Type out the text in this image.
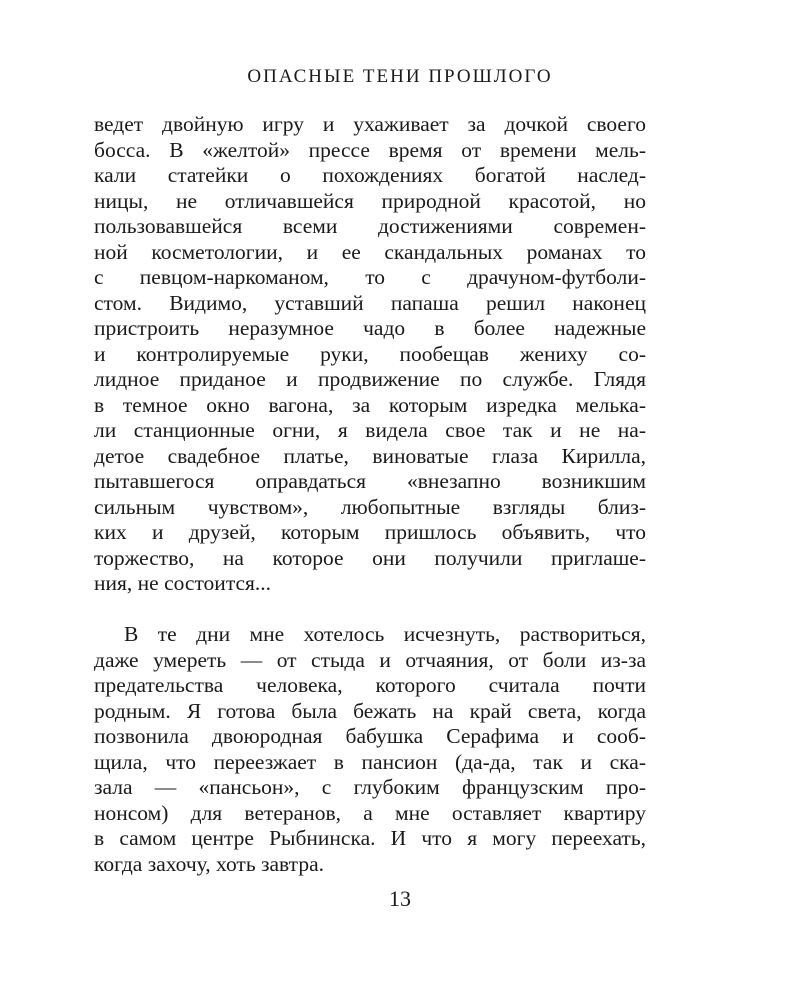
ОПАСНЫЕ ТЕНИ ПРОШЛОГО
ведет двойную игру и ухаживает за дочкой своего
босса. В «желтой» прессе время от времени мель-
кали статейки о похождениях богатой наслед-
ницы, не отличавшейся природной красотой, но
пользовавшейся всеми достижениями современ-
ной косметологии, и ее скандальных романах то
с певцом-наркоманом, то с драчуном-футболи-
стом. Видимо, уставший папаша решил наконец
пристроить неразумное чадо в более надежные
и контролируемые руки, пообещав жениху со-
лидное приданое и продвижение по службе. Глядя
в темное окно вагона, за которым изредка мелька-
ли станционные огни, я видела свое так и не на-
детое свадебное платье, виноватые глаза Кирилла,
пытавшегося оправдаться «внезапно возникшим
сильным чувством», любопытные взгляды близ-
ких и друзей, которым пришлось объявить, что
торжество, на которое они получили приглаше-
ния, не состоится...
В те дни мне хотелось исчезнуть, раствориться,
даже умереть — от стыда и отчаяния, от боли из-за
предательства человека, которого считала почти
родным. Я готова была бежать на край света, когда
позвонила двоюродная бабушка Серафима и сооб-
щила, что переезжает в пансион (да-да, так и ска-
зала — «пансьон», с глубоким французским про-
нонсом) для ветеранов, а мне оставляет квартиру
в самом центре Рыбнинска. И что я могу переехать,
когда захочу, хоть завтра.
13
